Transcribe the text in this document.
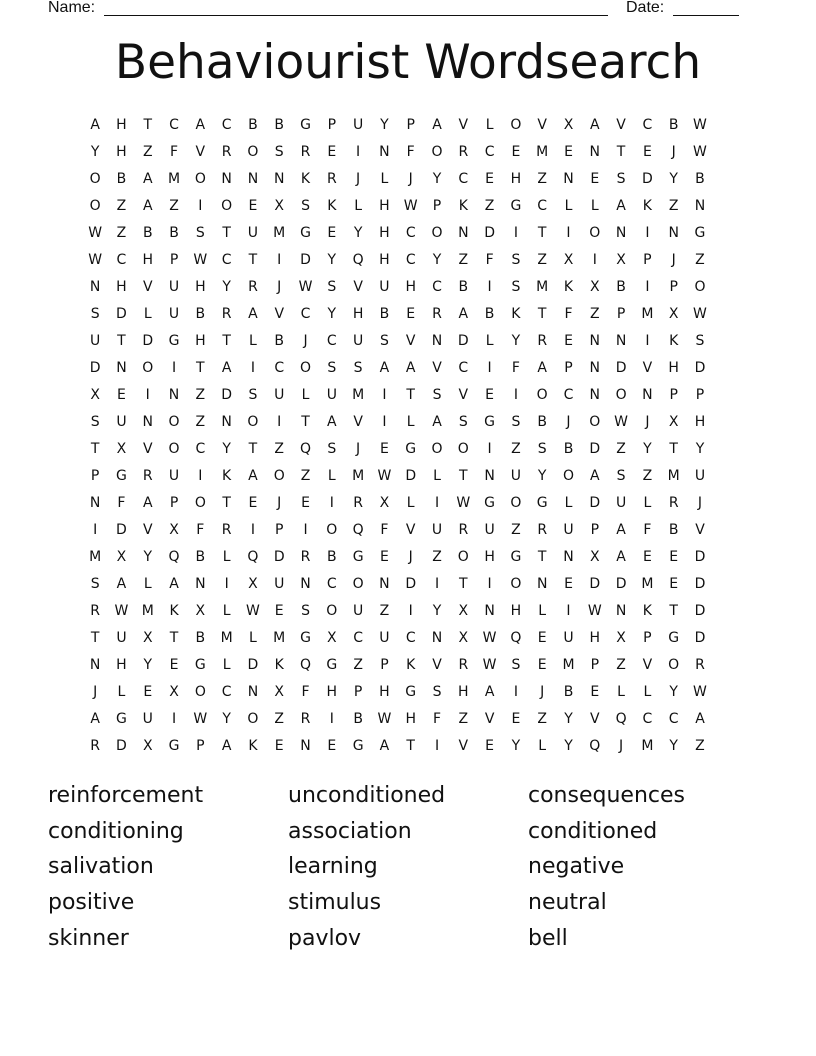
Name:	Date:
Behaviourist Wordsearch
A	H	T	C	A	C	B	B	G	P	U	Y	P	A	V	L	O	V	X	A	V	C	B	W
Y	H	Z	F	V	R	O	S	R	E	I	N	F	O	R	C	E	M	E	N	T	E	J	W
O	B	A	M	O	N	N	N	K	R	J	L	J	Y	C	E	H	Z	N	E	S	D	Y	B
O	Z	A	Z	I	O	E	X	S	K	L	H	W	P	K	Z	G	C	L	L	A	K	Z	N
W	Z	B	B	S	T	U	M	G	E	Y	H	C	O	N	D	I	T	I	O	N	I	N	G
W	C	H	P	W	C	T	I	D	Y	Q	H	C	Y	Z	F	S	Z	X	I	X	P	J	Z
N	H	V	U	H	Y	R	J	W	S	V	U	H	C	B	I	S	M	K	X	B	I	P	O
S	D	L	U	B	R	A	V	C	Y	H	B	E	R	A	B	K	T	F	Z	P	M	X	W
U	T	D	G	H	T	L	B	J	C	U	S	V	N	D	L	Y	R	E	N	N	I	K	S
D	N	O	I	T	A	I	C	O	S	S	A	A	V	C	I	F	A	P	N	D	V	H	D
X	E	I	N	Z	D	S	U	L	U	M	I	T	S	V	E	I	O	C	N	O	N	P	P
S	U	N	O	Z	N	O	I	T	A	V	I	L	A	S	G	S	B	J	O W	J	X	H
T	X	V	O	C	Y	T	Z	Q	S	J	E	G	O	O	I	Z	S	B	D	Z	Y	T	Y
P	G	R	U	I	K	A	O	Z	L	M W D	L	T	N	U	Y	O	A	S	Z	M	U
N	F	A	P	O	T	E	J	E	I	R	X	L	I	W G	O	G	L	D	U	L	R	J
I	D	V	X	F	R	I	P	I	O	Q	F	V	U	R	U	Z	R	U	P	A	F	B	V
M	X	Y	Q	B	L	Q	D	R	B	G	E	J	Z	O	H	G	T	N	X	A	E	E	D
S	A	L	A	N	I	X	U	N	C	O	N	D	I	T	I	O	N	E	D	D	M	E	D
R	W M	K	X	L	W	E	S	O	U	Z	I	Y	X	N	H	L	I	W	N	K	T	D
T	U	X	T	B	M	L	M	G	X	C	U	C	N	X	W Q	E	U	H	X	P	G	D
N	H	Y	E	G	L	D	K	Q	G	Z	P	K	V	R	W	S	E	M	P	Z	V	O	R
J	L	E	X	O	C	N	X	F	H	P	H	G	S	H	A	I	J	B	E	L	L	Y	W
A	G	U	I	W	Y	O	Z	R	I	B	W	H	F	Z	V	E	Z	Y	V	Q	C	C	A
R	D	X	G	P	A	K	E	N	E	G	A	T	I	V	E	Y	L	Y	Q	J	M	Y	Z
reinforcement	unconditioned	consequences
conditioning	association	conditioned
salivation	learning	negative
positive	stimulus	neutral
skinner	pavlov	bell
